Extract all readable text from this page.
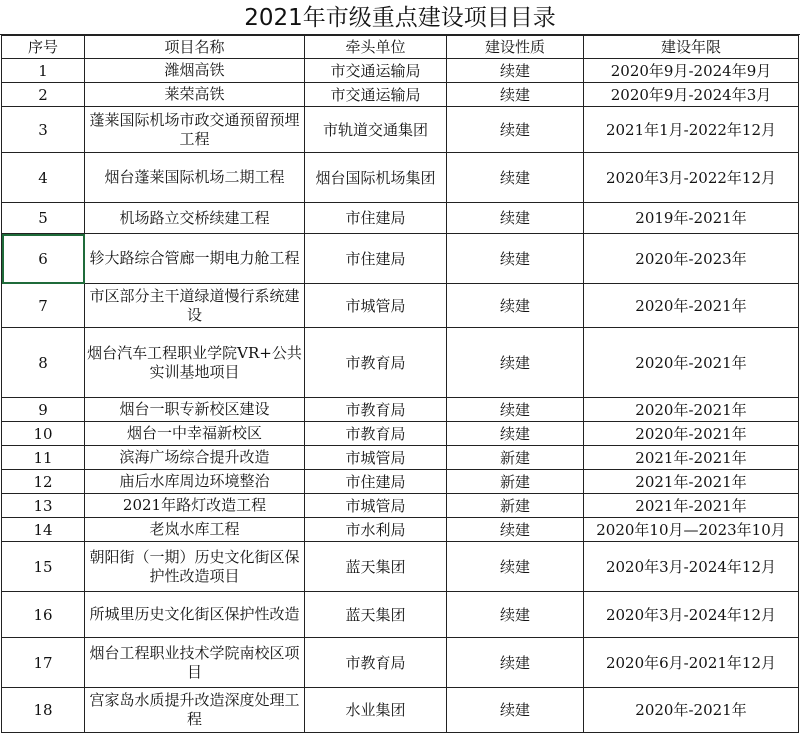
2021年市级重点建设项目目录
序号	项目名称	牵头单位	建设性质	建设年限
1	潍烟高铁	市交通运输局	续建	2020年9月-2024年9月
2	莱荣高铁	市交通运输局	续建	2020年9月-2024年3月
3	蓬莱国际机场市政交通预留预埋工程	市轨道交通集团	续建	2021年1月-2022年12月
4	烟台蓬莱国际机场二期工程	烟台国际机场集团	续建	2020年3月-2022年12月
5	机场路立交桥续建工程	市住建局	续建	2019年-2021年
6	轸大路综合管廊一期电力舱工程	市住建局	续建	2020年-2023年
7	市区部分主干道绿道慢行系统建设	市城管局	续建	2020年-2021年
8	烟台汽车工程职业学院VR+公共实训基地项目	市教育局	续建	2020年-2021年
9	烟台一职专新校区建设	市教育局	续建	2020年-2021年
10	烟台一中幸福新校区	市教育局	续建	2020年-2021年
11	滨海广场综合提升改造	市城管局	新建	2021年-2021年
12	庙后水库周边环境整治	市住建局	新建	2021年-2021年
13	2021年路灯改造工程	市城管局	新建	2021年-2021年
14	老岚水库工程	市水利局	续建	2020年10月—2023年10月
15	朝阳街（一期）历史文化街区保护性改造项目	蓝天集团	续建	2020年3月-2024年12月
16	所城里历史文化街区保护性改造	蓝天集团	续建	2020年3月-2024年12月
17	烟台工程职业技术学院南校区项目	市教育局	续建	2020年6月-2021年12月
18	宫家岛水质提升改造深度处理工程	水业集团	续建	2020年-2021年
